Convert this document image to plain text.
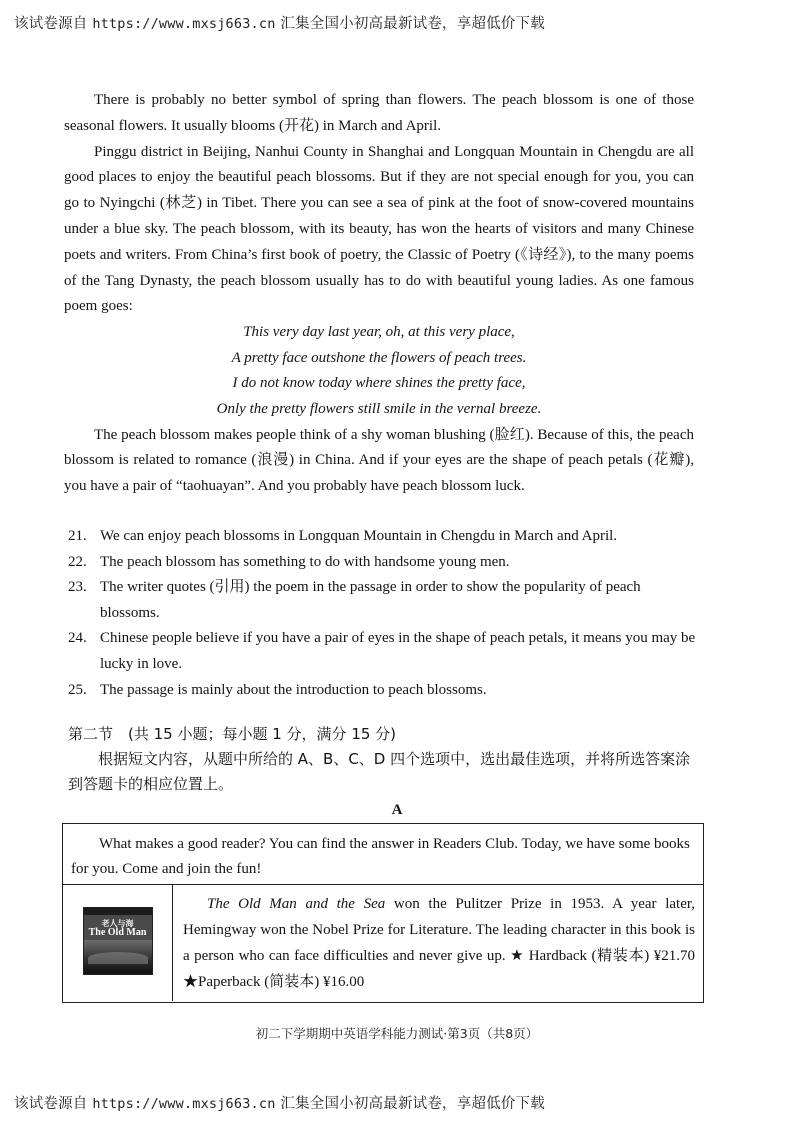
该试卷源自 https://www.mxsj663.cn 汇集全国小初高最新试卷，享超低价下载

There is probably no better symbol of spring than flowers. The peach blossom is one of those seasonal flowers. It usually blooms (开花) in March and April.

Pinggu district in Beijing, Nanhui County in Shanghai and Longquan Mountain in Chengdu are all good places to enjoy the beautiful peach blossoms. But if they are not special enough for you, you can go to Nyingchi (林芝) in Tibet. There you can see a sea of pink at the foot of snow-covered mountains under a blue sky. The peach blossom, with its beauty, has won the hearts of visitors and many Chinese poets and writers. From China’s first book of poetry, the Classic of Poetry (《诗经》), to the many poems of the Tang Dynasty, the peach blossom usually has to do with beautiful young ladies. As one famous poem goes:

This very day last year, oh, at this very place,
A pretty face outshone the flowers of peach trees.
I do not know today where shines the pretty face,
Only the pretty flowers still smile in the vernal breeze.

The peach blossom makes people think of a shy woman blushing (脸红). Because of this, the peach blossom is related to romance (浪漫) in China. And if your eyes are the shape of peach petals (花瓣), you have a pair of “taohuayan”. And you probably have peach blossom luck.

21. We can enjoy peach blossoms in Longquan Mountain in Chengdu in March and April.
22. The peach blossom has something to do with handsome young men.
23. The writer quotes (引用) the poem in the passage in order to show the popularity of peach blossoms.
24. Chinese people believe if you have a pair of eyes in the shape of peach petals, it means you may be lucky in love.
25. The passage is mainly about the introduction to peach blossoms.
第二节　(共 15 小题；每小题 1 分，满分 15 分)
根据短文内容，从题中所给的 A、B、C、D 四个选项中，选出最佳选项，并将所选答案涂到答题卡的相应位置上。
A
What makes a good reader? You can find the answer in Readers Club. Today, we have some books for you. Come and join the fun!
老人与海
The Old Man
The Old Man and the Sea won the Pulitzer Prize in 1953. A year later, Hemingway won the Nobel Prize for Literature. The leading character in this book is a person who can face difficulties and never give up. ★ Hardback (精装本) ¥21.70　★Paperback (简装本) ¥16.00
初二下学期期中英语学科能力测试·第3页（共8页）
该试卷源自 https://www.mxsj663.cn 汇集全国小初高最新试卷，享超低价下载
